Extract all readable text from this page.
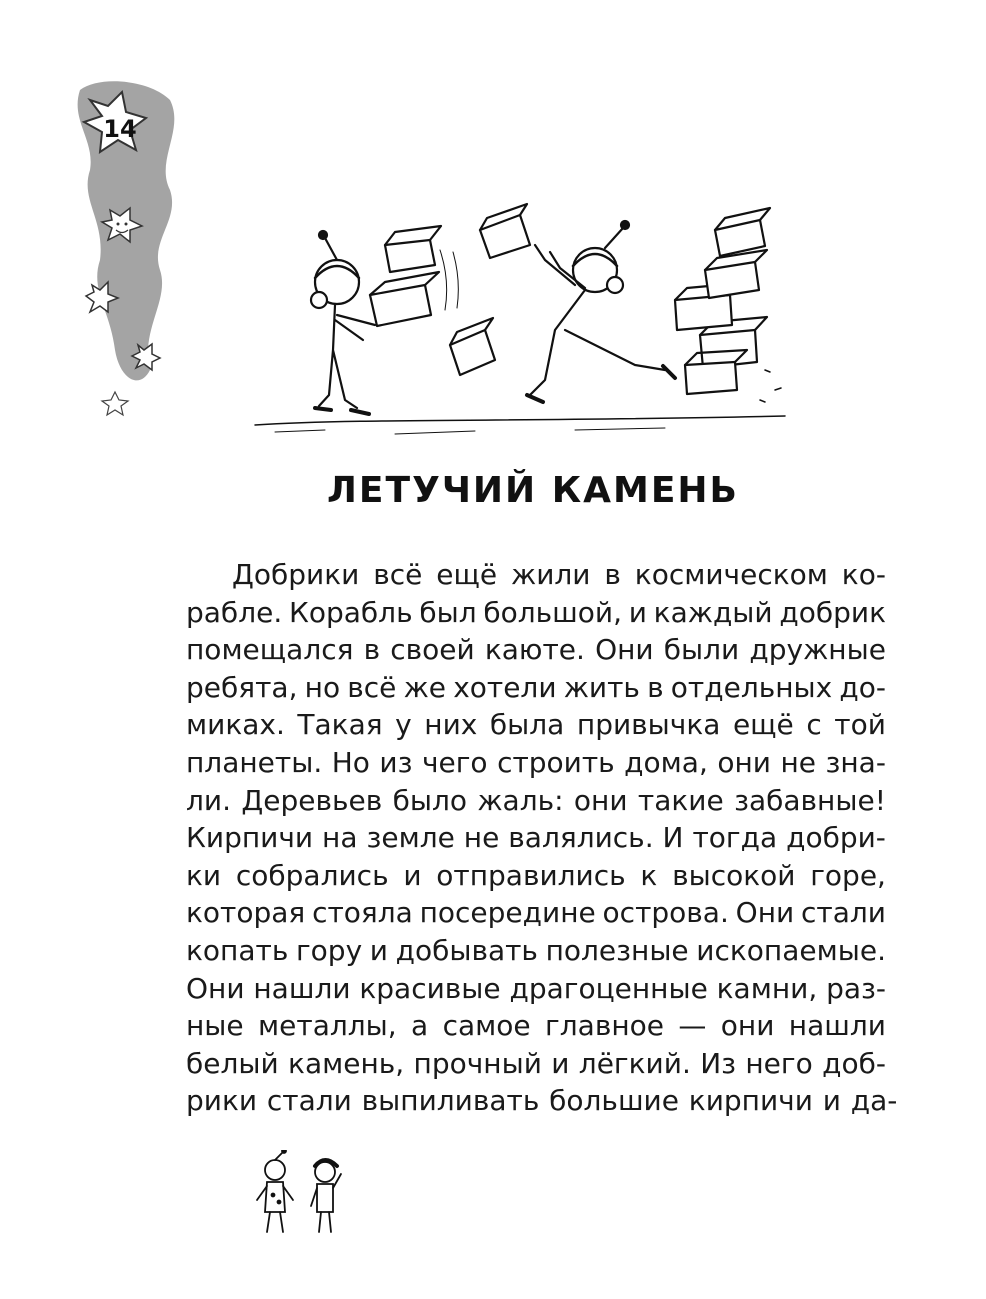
14
ЛЕТУЧИЙ КАМЕНЬ
Добрики всё ещё жили в космическом ко-
рабле. Корабль был большой, и каждый добрик
помещался в своей каюте. Они были дружные
ребята, но всё же хотели жить в отдельных до-
миках. Такая у них была привычка ещё с той
планеты. Но из чего строить дома, они не зна-
ли. Деревьев было жаль: они такие забавные!
Кирпичи на земле не валялись. И тогда добри-
ки собрались и отправились к высокой горе,
которая стояла посередине острова. Они стали
копать гору и добывать полезные ископаемые.
Они нашли красивые драгоценные камни, раз-
ные металлы, а самое главное — они нашли
белый камень, прочный и лёгкий. Из него доб-
рики стали выпиливать большие кирпичи и да-
